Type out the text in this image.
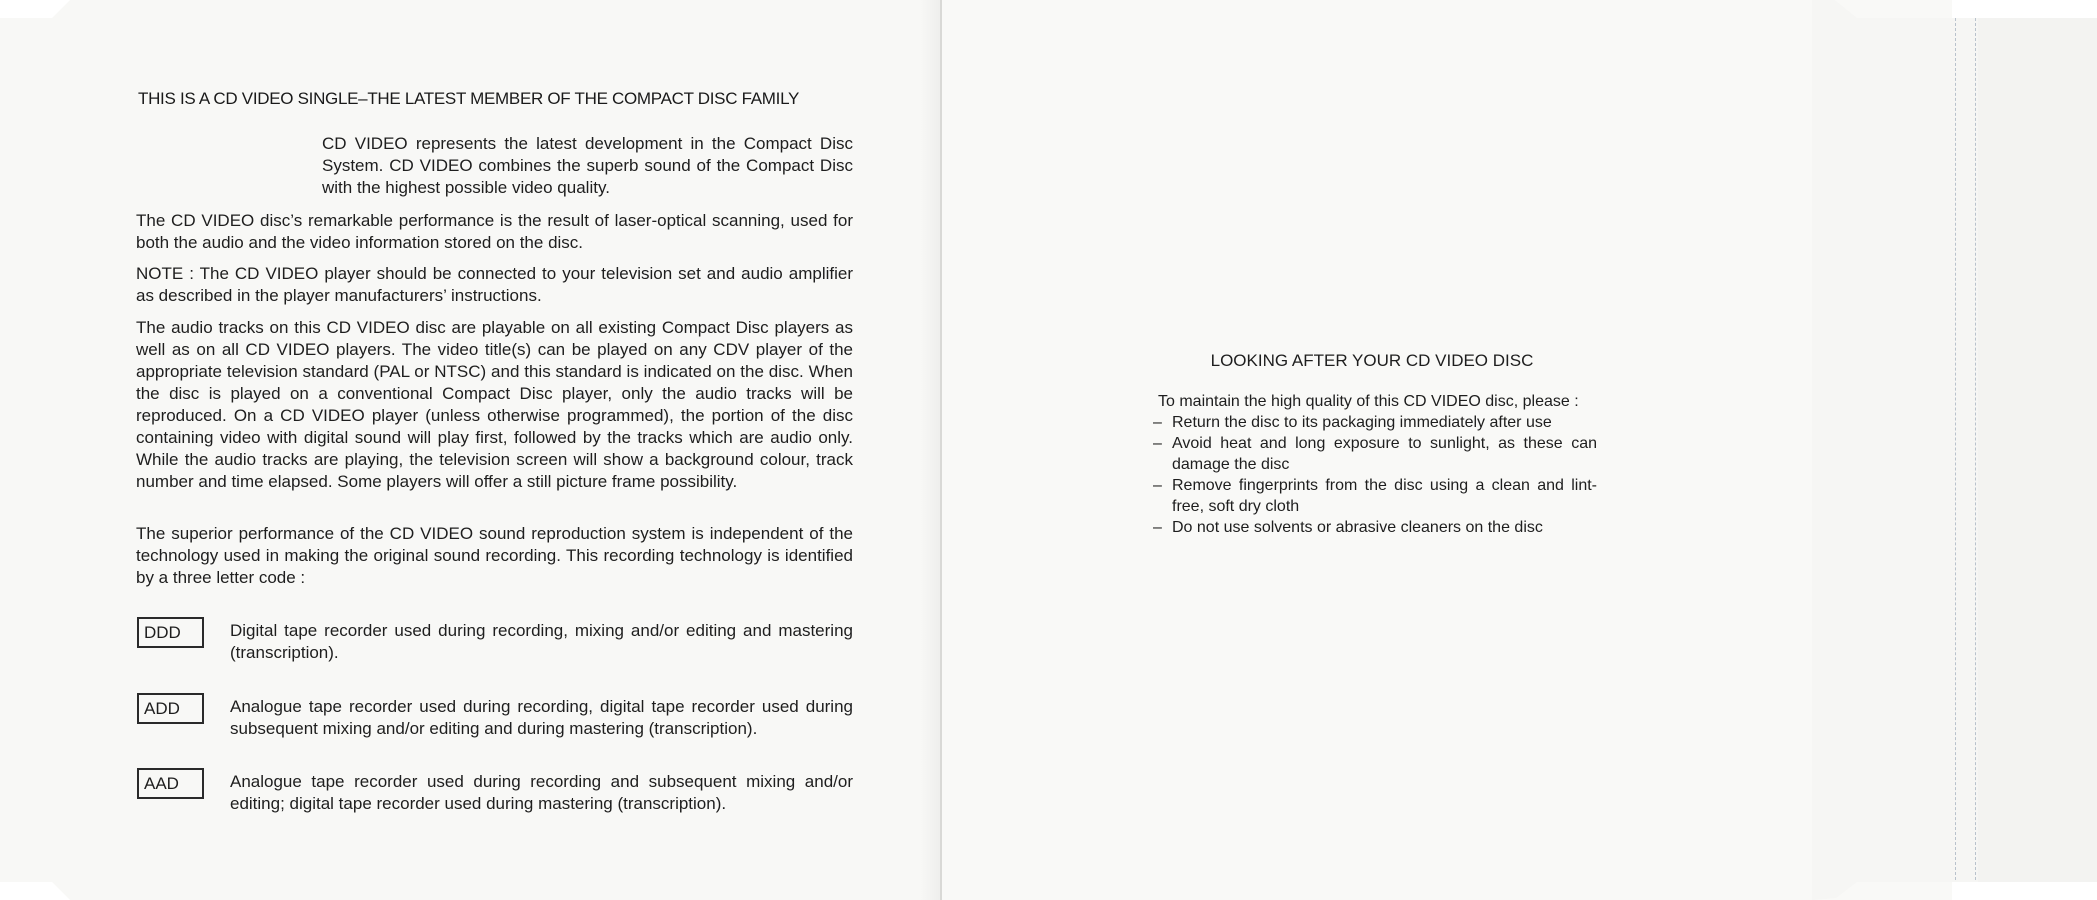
THIS IS A CD VIDEO SINGLE–THE LATEST MEMBER OF THE COMPACT DISC FAMILY

CD VIDEO represents the latest development in the Compact Disc System. CD VIDEO combines the superb sound of the Compact Disc with the highest possible video quality.

The CD VIDEO disc’s remarkable performance is the result of laser-optical scanning, used for both the audio and the video information stored on the disc.

NOTE : The CD VIDEO player should be connected to your television set and audio amplifier as described in the player manufacturers’ instructions.

The audio tracks on this CD VIDEO disc are playable on all existing Compact Disc players as well as on all CD VIDEO players. The video title(s) can be played on any CDV player of the appropriate television standard (PAL or NTSC) and this standard is indicated on the disc. When the disc is played on a conventional Compact Disc player, only the audio tracks will be reproduced. On a CD VIDEO player (unless otherwise programmed), the portion of the disc containing video with digital sound will play first, followed by the tracks which are audio only. While the audio tracks are playing, the television screen will show a background colour, track number and time elapsed. Some players will offer a still picture frame possibility.

The superior performance of the CD VIDEO sound reproduction system is independent of the technology used in making the original sound recording. This recording technology is identified by a three letter code :

DDD	Digital tape recorder used during recording, mixing and/or editing and mastering (transcription).
ADD	Analogue tape recorder used during recording, digital tape recorder used during subsequent mixing and/or editing and during mastering (transcription).
AAD	Analogue tape recorder used during recording and subsequent mixing and/or editing; digital tape recorder used during mastering (transcription).
LOOKING AFTER YOUR CD VIDEO DISC
To maintain the high quality of this CD VIDEO disc, please :
– Return the disc to its packaging immediately after use
– Avoid heat and long exposure to sunlight, as these can damage the disc
– Remove fingerprints from the disc using a clean and lint-free, soft dry cloth
– Do not use solvents or abrasive cleaners on the disc
